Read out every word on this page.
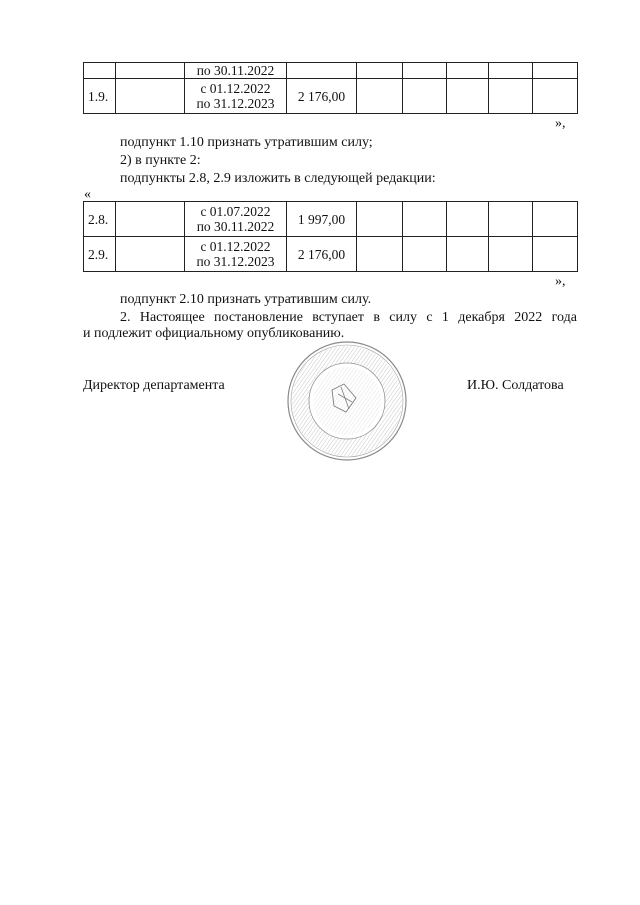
		по 30.11.2022						
1.9.		с 01.12.2022
по 31.12.2023	2 176,00					
»,
подпункт 1.10 признать утратившим силу;
2) в пункте 2:
подпункты 2.8, 2.9 изложить в следующей редакции:
«
2.8.		с 01.07.2022
по 30.11.2022	1 997,00					
2.9.		с 01.12.2022
по 31.12.2023	2 176,00					
»,
подпункт 2.10 признать утратившим силу.
2. Настоящее постановление вступает в силу с 1 декабря 2022 года
и подлежит официальному опубликованию.
Директор департамента	И.Ю. Солдатова
